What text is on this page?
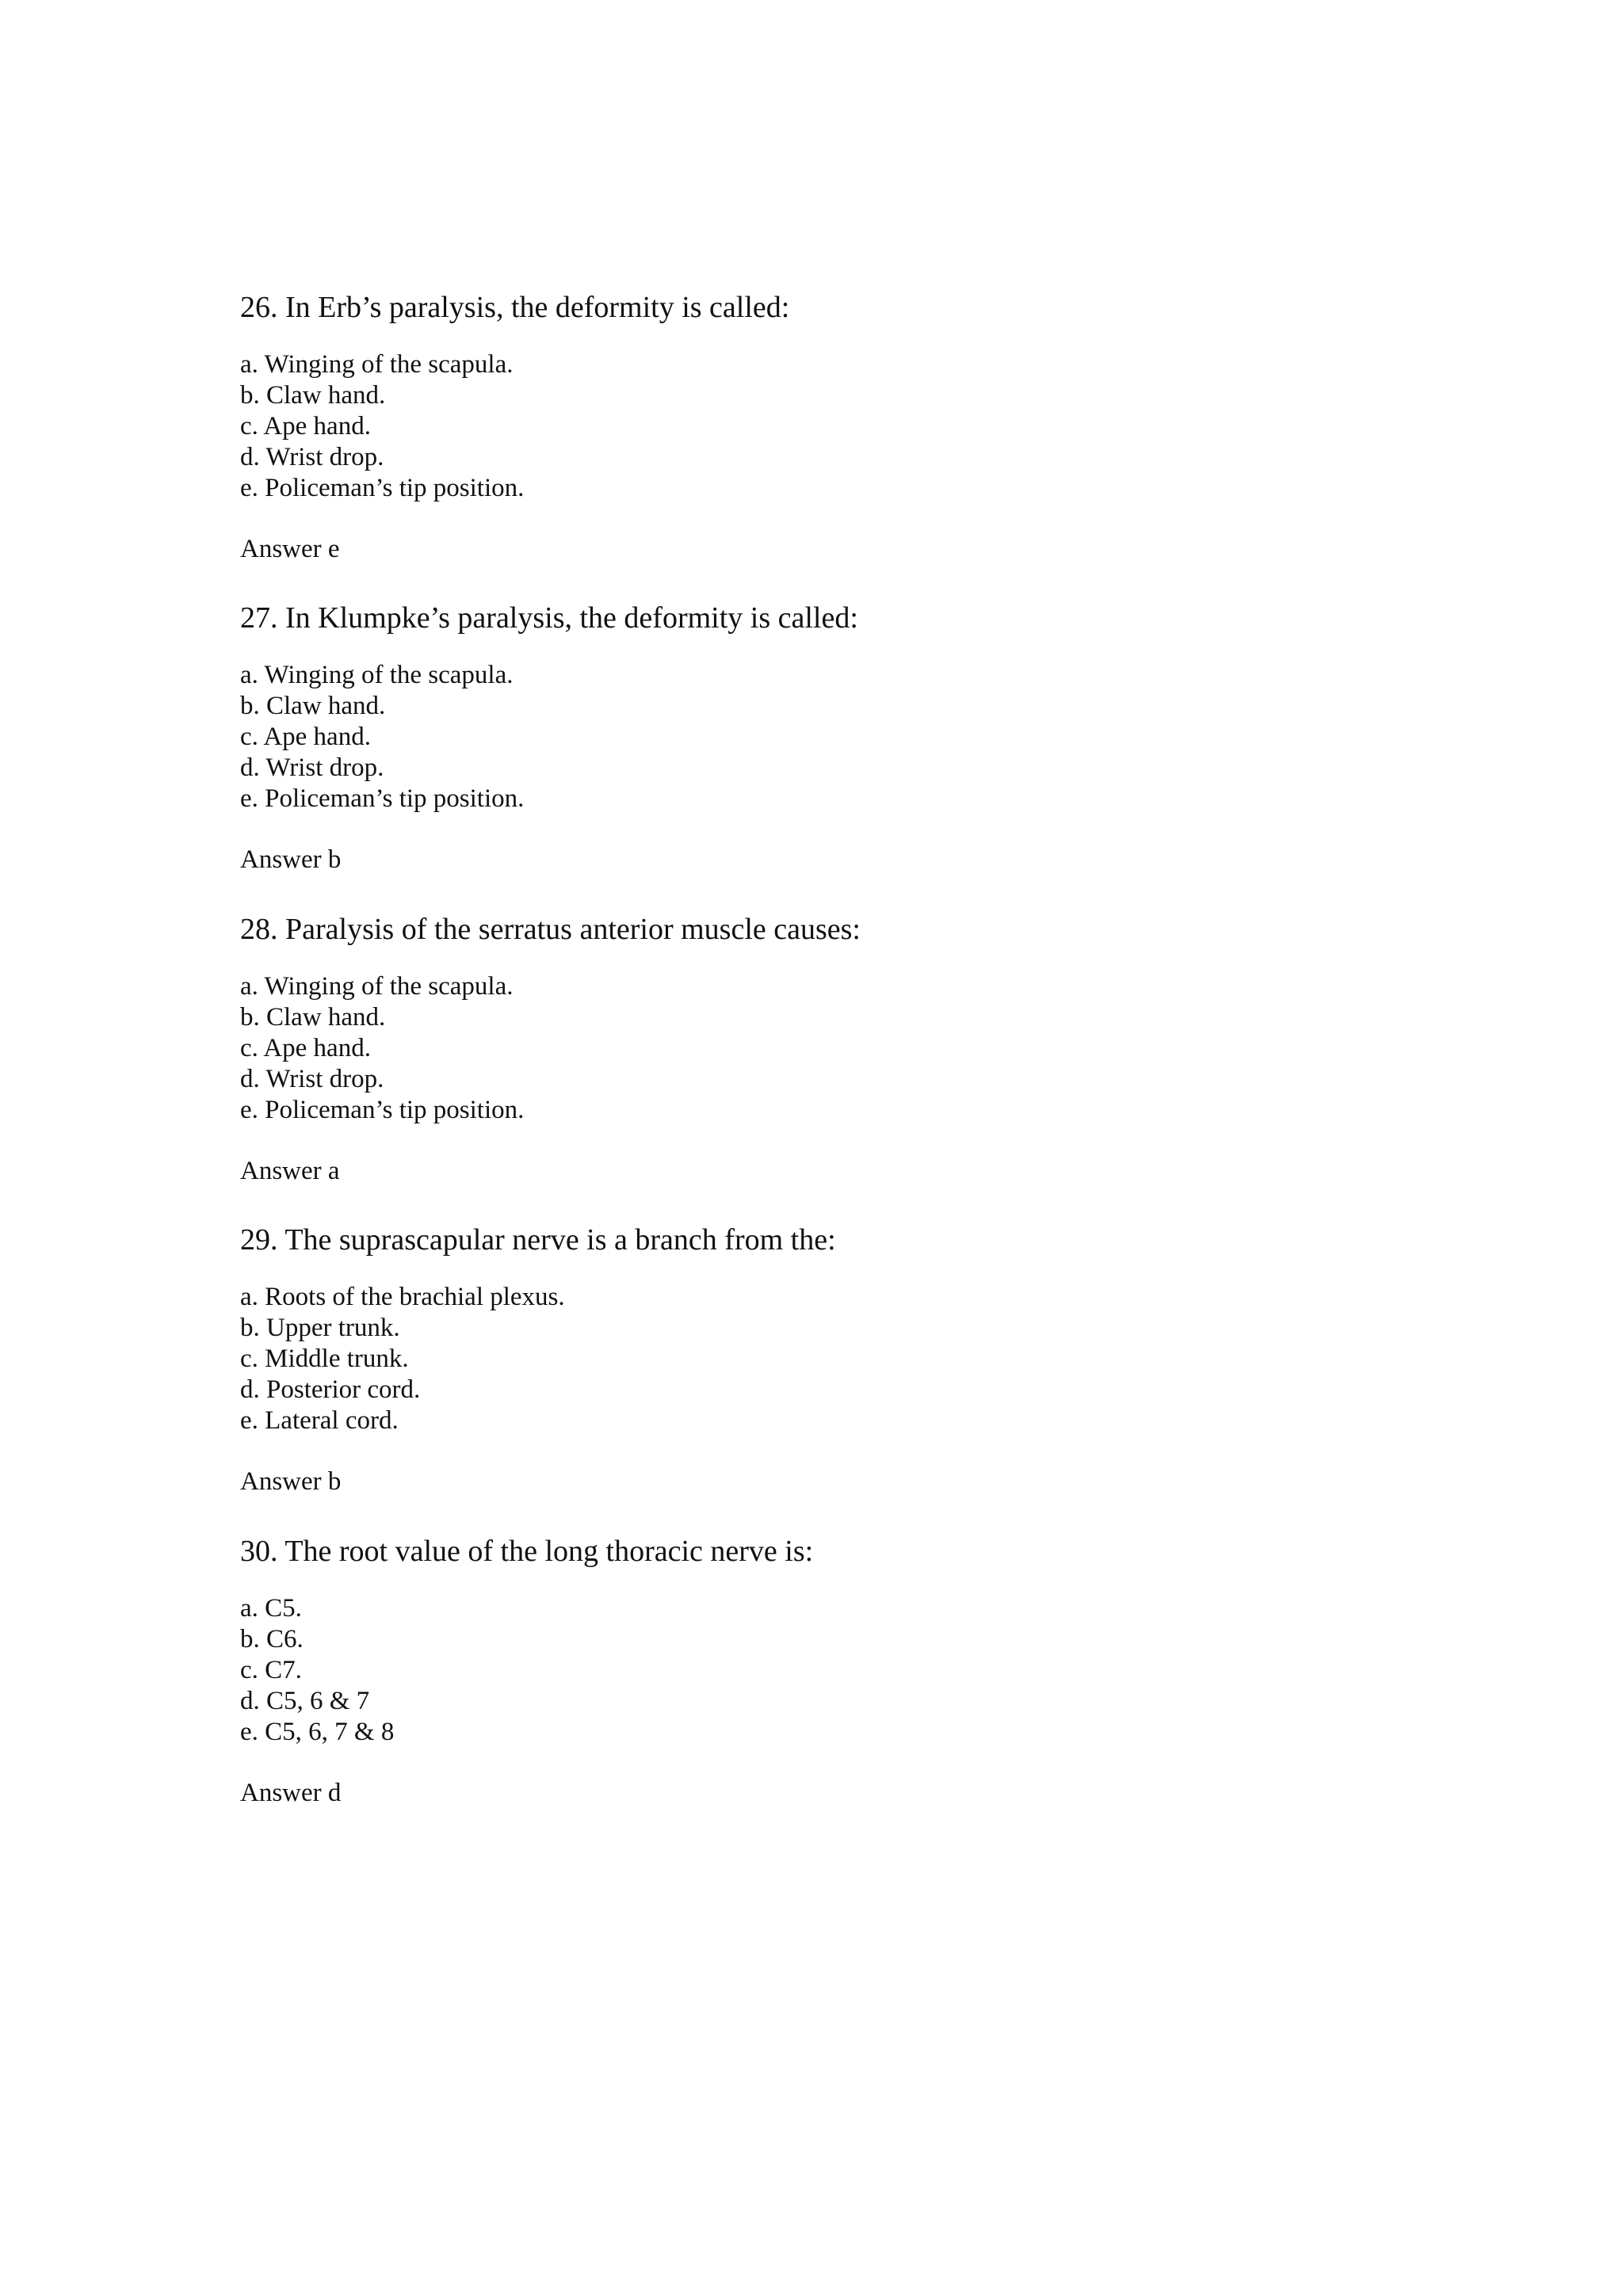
26. In Erb’s paralysis, the deformity is called:

a. Winging of the scapula.
b. Claw hand.
c. Ape hand.
d. Wrist drop.
e. Policeman’s tip position.

Answer e

27. In Klumpke’s paralysis, the deformity is called:

a. Winging of the scapula.
b. Claw hand.
c. Ape hand.
d. Wrist drop.
e. Policeman’s tip position.

Answer b

28. Paralysis of the serratus anterior muscle causes:

a. Winging of the scapula.
b. Claw hand.
c. Ape hand.
d. Wrist drop.
e. Policeman’s tip position.

Answer a

29. The suprascapular nerve is a branch from the:

a. Roots of the brachial plexus.
b. Upper trunk.
c. Middle trunk.
d. Posterior cord.
e. Lateral cord.

Answer b

30. The root value of the long thoracic nerve is:

a. C5.
b. C6.
c. C7.
d. C5, 6 & 7
e. C5, 6, 7 & 8

Answer d
